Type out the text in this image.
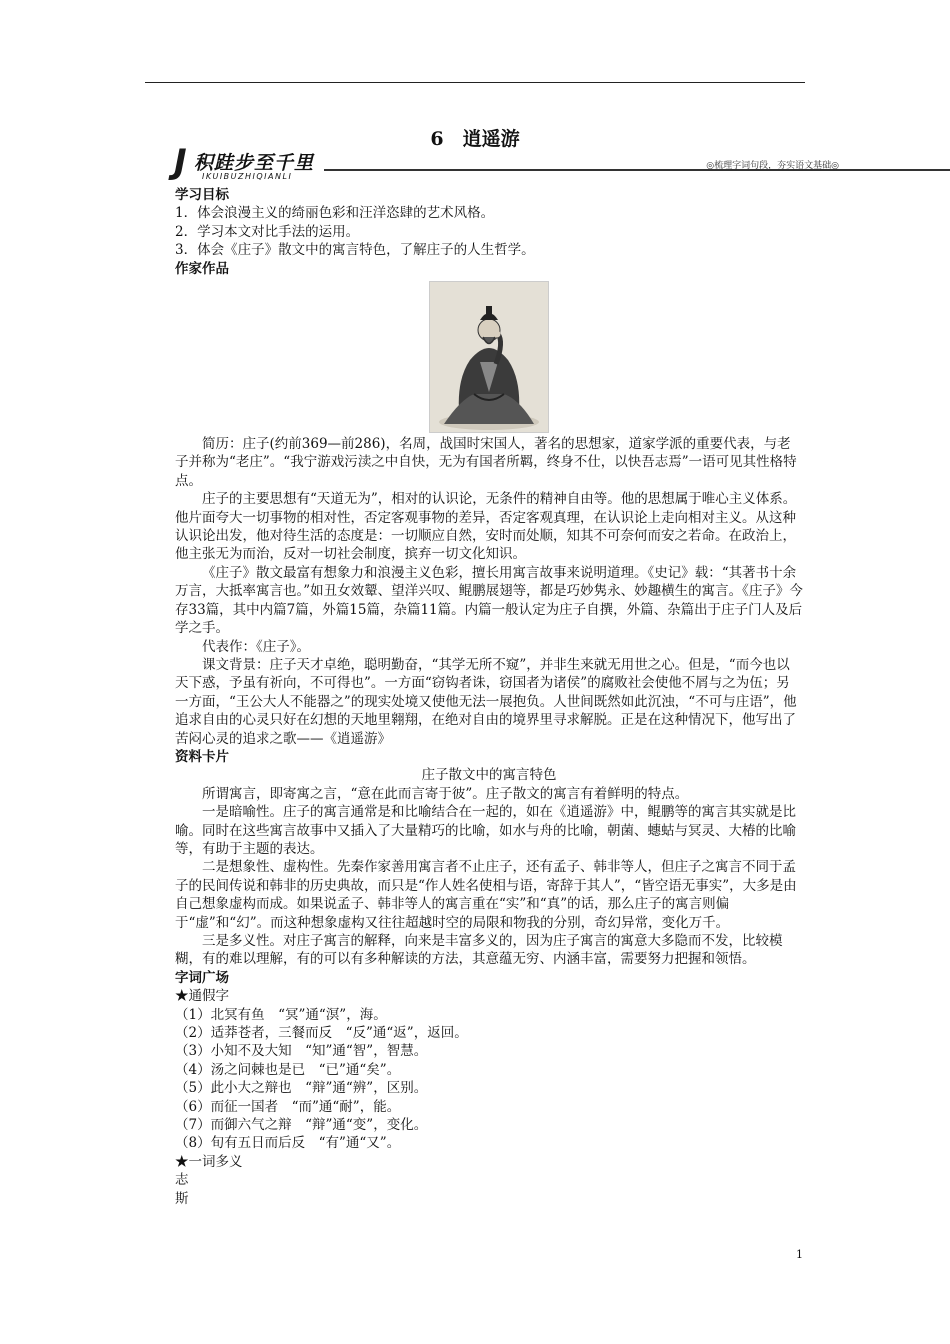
6　逍遥游
J 积跬步至千里
IKUIBUZHIQIANLI
◎梳理字词句段，夯实语文基础◎

学习目标

1．体会浪漫主义的绮丽色彩和汪洋恣肆的艺术风格。

2．学习本文对比手法的运用。

3．体会《庄子》散文中的寓言特色，了解庄子的人生哲学。

作家作品

简历：庄子(约前369—前286)，名周，战国时宋国人，著名的思想家，道家学派的重要代表，与老子并称为“老庄”。“我宁游戏污渎之中自快，无为有国者所羁，终身不仕，以快吾志焉”一语可见其性格特点。

庄子的主要思想有“天道无为”，相对的认识论，无条件的精神自由等。他的思想属于唯心主义体系。他片面夸大一切事物的相对性，否定客观事物的差异，否定客观真理，在认识论上走向相对主义。从这种认识论出发，他对待生活的态度是：一切顺应自然，安时而处顺，知其不可奈何而安之若命。在政治上，他主张无为而治，反对一切社会制度，摈弃一切文化知识。

《庄子》散文最富有想象力和浪漫主义色彩，擅长用寓言故事来说明道理。《史记》载：“其著书十余万言，大抵率寓言也。”如丑女效颦、望洋兴叹、鲲鹏展翅等，都是巧妙隽永、妙趣横生的寓言。《庄子》今存33篇，其中内篇7篇，外篇15篇，杂篇11篇。内篇一般认定为庄子自撰，外篇、杂篇出于庄子门人及后学之手。

代表作：《庄子》。

课文背景：庄子天才卓绝，聪明勤奋，“其学无所不窥”，并非生来就无用世之心。但是，“而今也以天下惑，予虽有祈向，不可得也”。一方面“窃钩者诛，窃国者为诸侯”的腐败社会使他不屑与之为伍；另一方面，“王公大人不能器之”的现实处境又使他无法一展抱负。人世间既然如此沉浊，“不可与庄语”，他追求自由的心灵只好在幻想的天地里翱翔，在绝对自由的境界里寻求解脱。正是在这种情况下，他写出了苦闷心灵的追求之歌——《逍遥游》

资料卡片

庄子散文中的寓言特色

所谓寓言，即寄寓之言，“意在此而言寄于彼”。庄子散文的寓言有着鲜明的特点。

一是暗喻性。庄子的寓言通常是和比喻结合在一起的，如在《逍遥游》中，鲲鹏等的寓言其实就是比喻。同时在这些寓言故事中又插入了大量精巧的比喻，如水与舟的比喻，朝菌、蟪蛄与冥灵、大椿的比喻等，有助于主题的表达。

二是想象性、虚构性。先秦作家善用寓言者不止庄子，还有孟子、韩非等人，但庄子之寓言不同于孟子的民间传说和韩非的历史典故，而只是“作人姓名使相与语，寄辞于其人”，“皆空语无事实”，大多是由自己想象虚构而成。如果说孟子、韩非等人的寓言重在“实”和“真”的话，那么庄子的寓言则偏于“虚”和“幻”。而这种想象虚构又往往超越时空的局限和物我的分别，奇幻异常，变化万千。

三是多义性。对庄子寓言的解释，向来是丰富多义的，因为庄子寓言的寓意大多隐而不发，比较模糊，有的难以理解，有的可以有多种解读的方法，其意蕴无穷、内涵丰富，需要努力把握和领悟。

字词广场

★通假字

（1）北冥有鱼　“冥”通“溟”，海。

（2）适莽苍者，三餐而反　“反”通“返”，返回。

（3）小知不及大知　“知”通“智”，智慧。

（4）汤之问棘也是已　“已”通“矣”。

（5）此小大之辩也　“辩”通“辨”，区别。

（6）而征一国者　“而”通“耐”，能。

（7）而御六气之辩　“辩”通“变”，变化。

（8）旬有五日而后反　“有”通“又”。

★一词多义

志

斯

1
